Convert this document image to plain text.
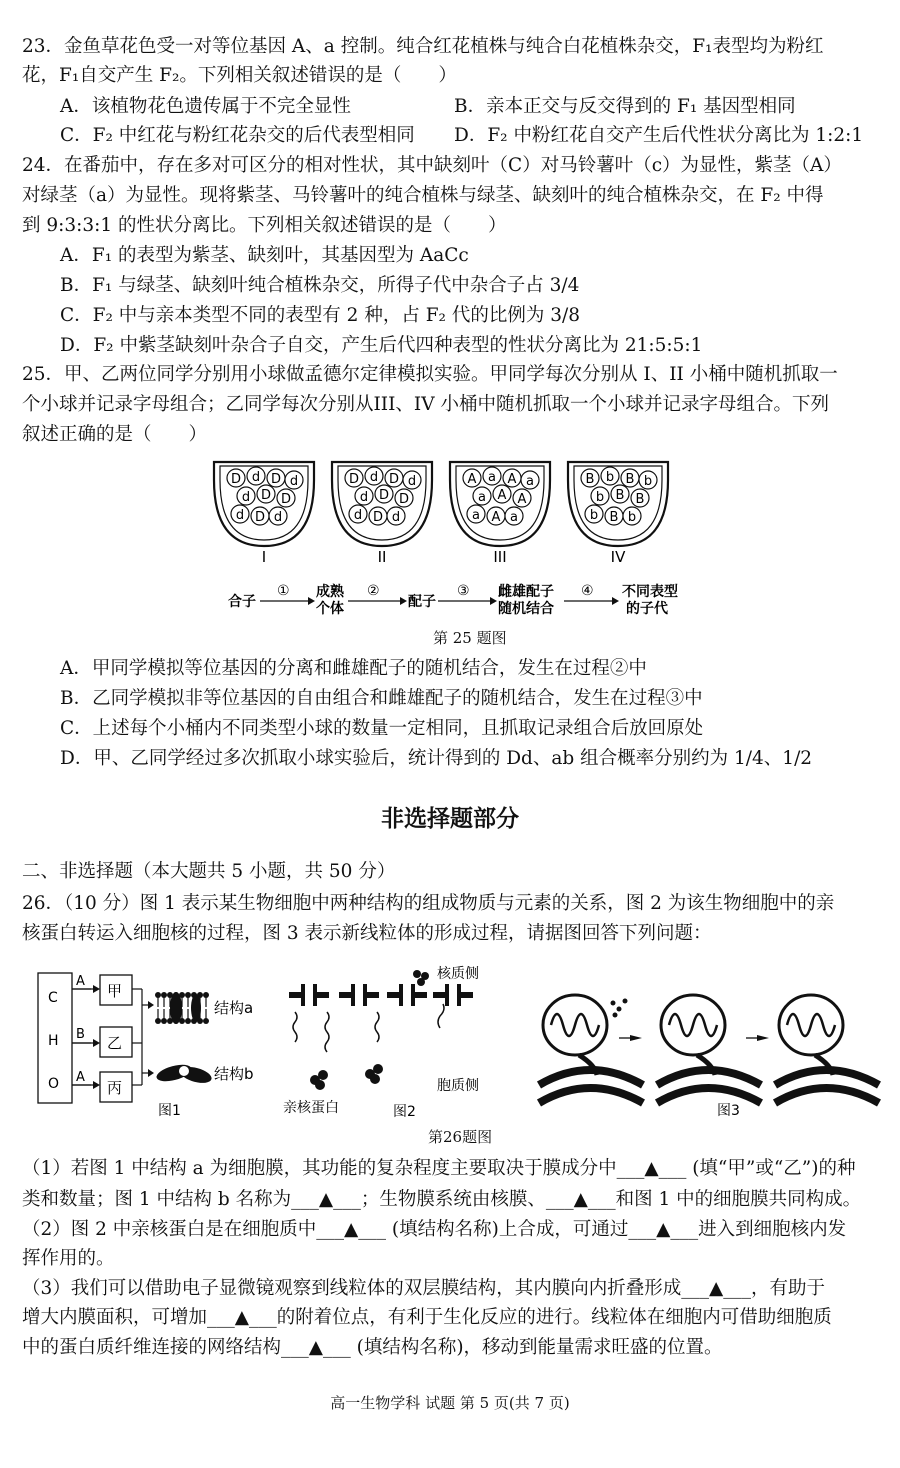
23．金鱼草花色受一对等位基因 A、a 控制。纯合红花植株与纯合白花植株杂交，F₁表型均为粉红
花，F₁自交产生 F₂。下列相关叙述错误的是（　　）
A．该植物花色遗传属于不完全显性	B．亲本正交与反交得到的 F₁ 基因型相同
C．F₂ 中红花与粉红花杂交的后代表型相同 D．F₂ 中粉红花自交产生后代性状分离比为 1:2:1
24．在番茄中，存在多对可区分的相对性状，其中缺刻叶（C）对马铃薯叶（c）为显性，紫茎（A）
对绿茎（a）为显性。现将紫茎、马铃薯叶的纯合植株与绿茎、缺刻叶的纯合植株杂交，在 F₂ 中得
到 9:3:3:1 的性状分离比。下列相关叙述错误的是（　　）
A．F₁ 的表型为紫茎、缺刻叶，其基因型为 AaCc
B．F₁ 与绿茎、缺刻叶纯合植株杂交，所得子代中杂合子占 3/4
C．F₂ 中与亲本类型不同的表型有 2 种，占 F₂ 代的比例为 3/8
D．F₂ 中紫茎缺刻叶杂合子自交，产生后代四种表型的性状分离比为 21:5:5:1
25．甲、乙两位同学分别用小球做孟德尔定律模拟实验。甲同学每次分别从 I、II 小桶中随机抓取一
个小球并记录字母组合；乙同学每次分别从III、IV 小桶中随机抓取一个小球并记录字母组合。下列
叙述正确的是（　　）
D d D d
d D D
d D d
I
D d D d
d D D
d D d
II
A a A a
a A A
a A a
III
B b B b
b B B
b B b
IV
合子
① 成熟
个体
②
配子
③ 雌雄配子
随机结合
④ 不同表型
的子代
第 25 题图
A．甲同学模拟等位基因的分离和雌雄配子的随机结合，发生在过程②中
B．乙同学模拟非等位基因的自由组合和雌雄配子的随机结合，发生在过程③中
C．上述每个小桶内不同类型小球的数量一定相同，且抓取记录组合后放回原处
D．甲、乙同学经过多次抓取小球实验后，统计得到的 Dd、ab 组合概率分别约为 1/4、1/2
非选择题部分
二、非选择题（本大题共 5 小题，共 50 分）
26．（10 分）图 1 表示某生物细胞中两种结构的组成物质与元素的关系，图 2 为该生物细胞中的亲
核蛋白转运入细胞核的过程，图 3 表示新线粒体的形成过程，请据图回答下列问题：
C
H
O
A
B
A
甲
乙
丙
结构a
结构b
图1
核质侧
胞质侧
亲核蛋白	图2	图3
第26题图
（1）若图 1 中结构 a 为细胞膜，其功能的复杂程度主要取决于膜成分中___▲___ (填“甲”或“乙”)的种
类和数量；图 1 中结构 b 名称为___▲___；生物膜系统由核膜、___▲___和图 1 中的细胞膜共同构成。
（2）图 2 中亲核蛋白是在细胞质中___▲___ (填结构名称)上合成，可通过___▲___进入到细胞核内发
挥作用的。
（3）我们可以借助电子显微镜观察到线粒体的双层膜结构，其内膜向内折叠形成___▲___，有助于
增大内膜面积，可增加___▲___的附着位点，有利于生化反应的进行。线粒体在细胞内可借助细胞质
中的蛋白质纤维连接的网络结构___▲___ (填结构名称)，移动到能量需求旺盛的位置。
高一生物学科 试题 第 5 页(共 7 页)
